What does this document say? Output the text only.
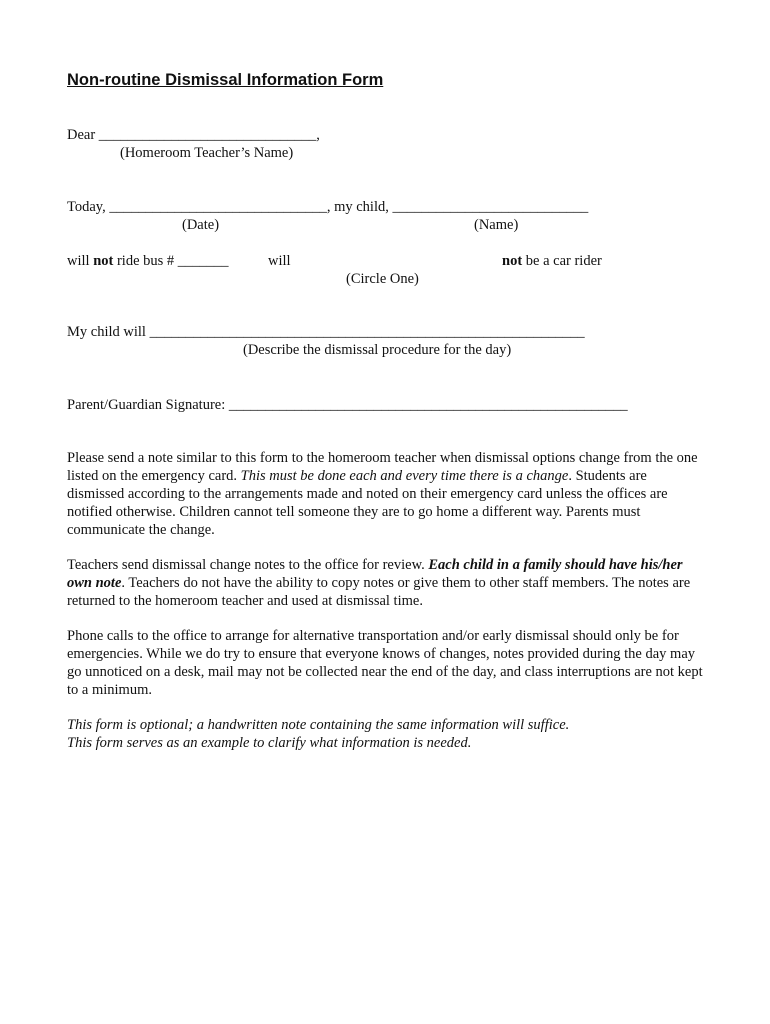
Non-routine Dismissal Information Form
Dear ______________________________,
(Homeroom Teacher’s Name)
Today, ______________________________, my child, ___________________________
(Date)	(Name)
will not ride bus # _______	will	not be a car rider
(Circle One)
My child will ____________________________________________________________
(Describe the dismissal procedure for the day)
Parent/Guardian Signature: _______________________________________________________
Please send a note similar to this form to the homeroom teacher when dismissal options change from the one listed on the emergency card. This must be done each and every time there is a change. Students are dismissed according to the arrangements made and noted on their emergency card unless the offices are notified otherwise. Children cannot tell someone they are to go home a different way. Parents must communicate the change.
Teachers send dismissal change notes to the office for review. Each child in a family should have his/her own note. Teachers do not have the ability to copy notes or give them to other staff members. The notes are returned to the homeroom teacher and used at dismissal time.
Phone calls to the office to arrange for alternative transportation and/or early dismissal should only be for emergencies. While we do try to ensure that everyone knows of changes, notes provided during the day may go unnoticed on a desk, mail may not be collected near the end of the day, and class interruptions are not kept to a minimum.
This form is optional; a handwritten note containing the same information will suffice.
This form serves as an example to clarify what information is needed.
